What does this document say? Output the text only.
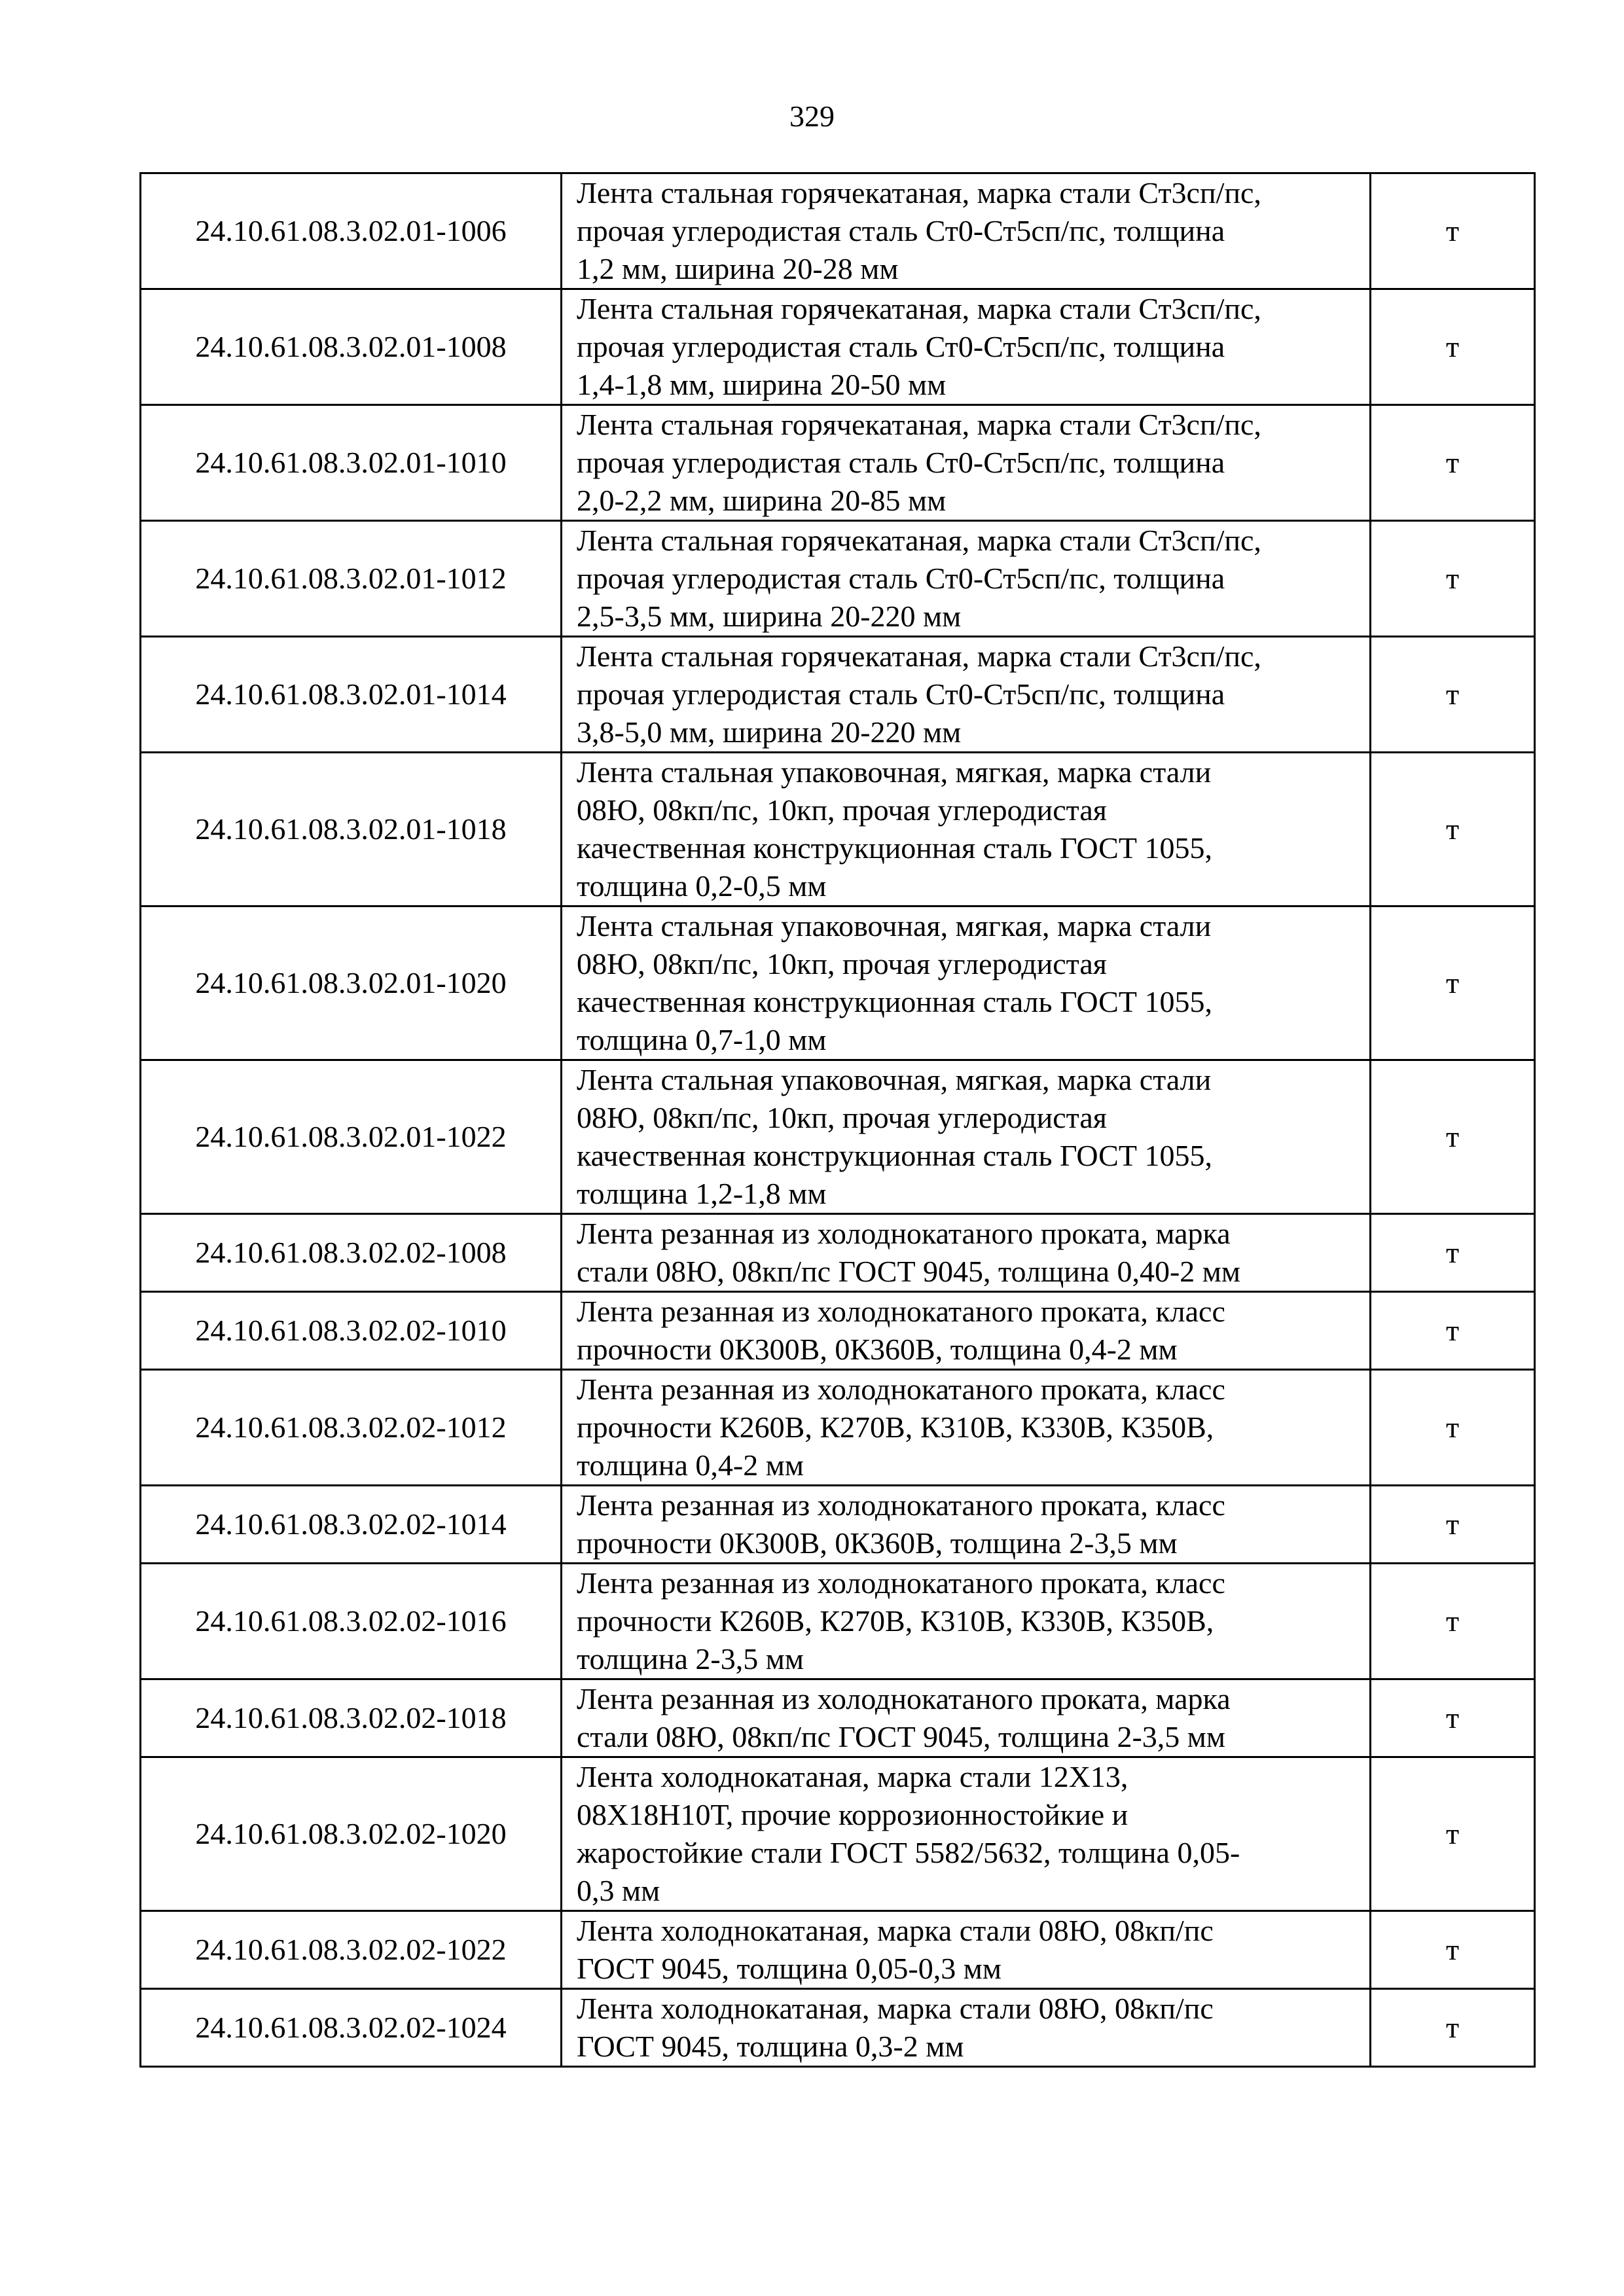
329
24.10.61.08.3.02.01-1006	Лента стальная горячекатаная, марка стали Ст3сп/пс,
прочая углеродистая сталь Ст0-Ст5сп/пс, толщина
1,2 мм, ширина 20-28 мм	т
24.10.61.08.3.02.01-1008	Лента стальная горячекатаная, марка стали Ст3сп/пс,
прочая углеродистая сталь Ст0-Ст5сп/пс, толщина
1,4-1,8 мм, ширина 20-50 мм	т
24.10.61.08.3.02.01-1010	Лента стальная горячекатаная, марка стали Ст3сп/пс,
прочая углеродистая сталь Ст0-Ст5сп/пс, толщина
2,0-2,2 мм, ширина 20-85 мм	т
24.10.61.08.3.02.01-1012	Лента стальная горячекатаная, марка стали Ст3сп/пс,
прочая углеродистая сталь Ст0-Ст5сп/пс, толщина
2,5-3,5 мм, ширина 20-220 мм	т
24.10.61.08.3.02.01-1014	Лента стальная горячекатаная, марка стали Ст3сп/пс,
прочая углеродистая сталь Ст0-Ст5сп/пс, толщина
3,8-5,0 мм, ширина 20-220 мм	т
24.10.61.08.3.02.01-1018	Лента стальная упаковочная, мягкая, марка стали
08Ю, 08кп/пс, 10кп, прочая углеродистая
качественная конструкционная сталь ГОСТ 1055,
толщина 0,2-0,5 мм	т
24.10.61.08.3.02.01-1020	Лента стальная упаковочная, мягкая, марка стали
08Ю, 08кп/пс, 10кп, прочая углеродистая
качественная конструкционная сталь ГОСТ 1055,
толщина 0,7-1,0 мм	т
24.10.61.08.3.02.01-1022	Лента стальная упаковочная, мягкая, марка стали
08Ю, 08кп/пс, 10кп, прочая углеродистая
качественная конструкционная сталь ГОСТ 1055,
толщина 1,2-1,8 мм	т
24.10.61.08.3.02.02-1008	Лента резанная из холоднокатаного проката, марка
стали 08Ю, 08кп/пс ГОСТ 9045, толщина 0,40-2 мм	т
24.10.61.08.3.02.02-1010	Лента резанная из холоднокатаного проката, класс
прочности 0К300В, 0К360В, толщина 0,4-2 мм	т
24.10.61.08.3.02.02-1012	Лента резанная из холоднокатаного проката, класс
прочности К260В, К270В, К310В, К330В, К350В,
толщина 0,4-2 мм	т
24.10.61.08.3.02.02-1014	Лента резанная из холоднокатаного проката, класс
прочности 0К300В, 0К360В, толщина 2-3,5 мм	т
24.10.61.08.3.02.02-1016	Лента резанная из холоднокатаного проката, класс
прочности К260В, К270В, К310В, К330В, К350В,
толщина 2-3,5 мм	т
24.10.61.08.3.02.02-1018	Лента резанная из холоднокатаного проката, марка
стали 08Ю, 08кп/пс ГОСТ 9045, толщина 2-3,5 мм	т
24.10.61.08.3.02.02-1020	Лента холоднокатаная, марка стали 12Х13,
08Х18Н10Т, прочие коррозионностойкие и
жаростойкие стали ГОСТ 5582/5632, толщина 0,05-
0,3 мм	т
24.10.61.08.3.02.02-1022	Лента холоднокатаная, марка стали 08Ю, 08кп/пс
ГОСТ 9045, толщина 0,05-0,3 мм	т
24.10.61.08.3.02.02-1024	Лента холоднокатаная, марка стали 08Ю, 08кп/пс
ГОСТ 9045, толщина 0,3-2 мм	т
